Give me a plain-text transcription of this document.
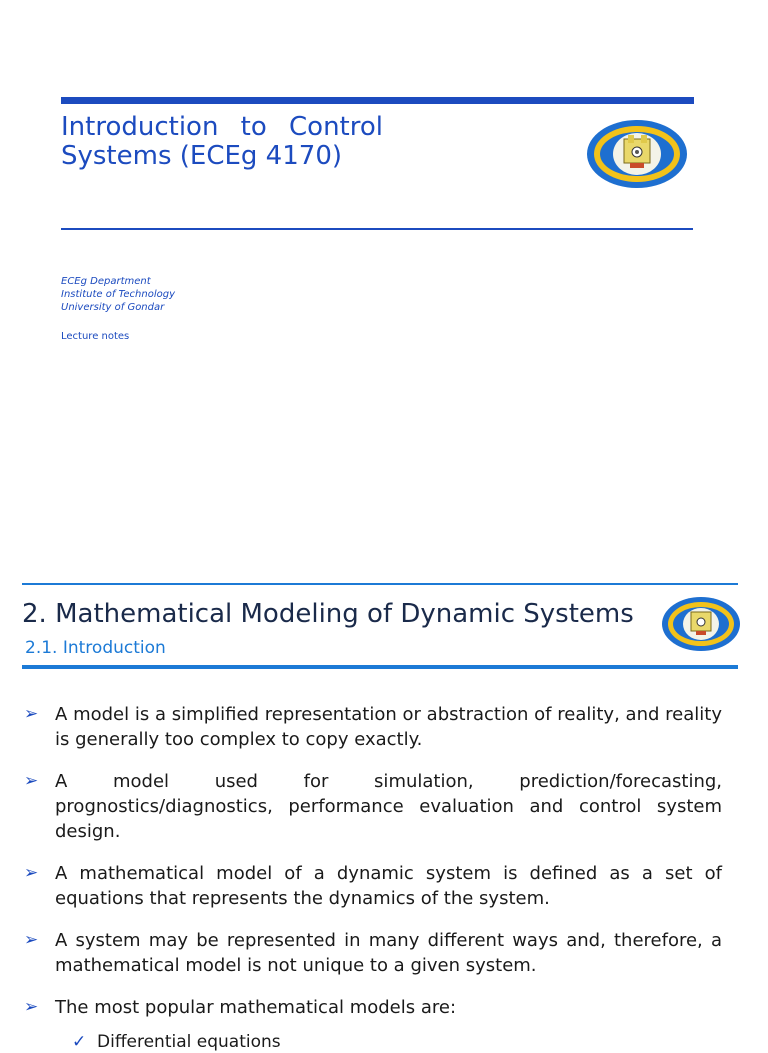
Introduction to Control
Systems (ECEg 4170)
ECEg Department
Institute of Technology
University of Gondar
Lecture notes
2. Mathematical Modeling of Dynamic Systems
2.1. Introduction
➢ A model is a simplified representation or abstraction of reality, and reality is generally too complex to copy exactly.
➢ A model used for simulation, prediction/forecasting, prognostics/diagnostics, performance evaluation and control system design.
➢ A mathematical model of a dynamic system is defined as a set of equations that represents the dynamics of the system.
➢ A system may be represented in many different ways and, therefore, a mathematical model is not unique to a given system.
➢ The most popular mathematical models are:
✓ Differential equations
